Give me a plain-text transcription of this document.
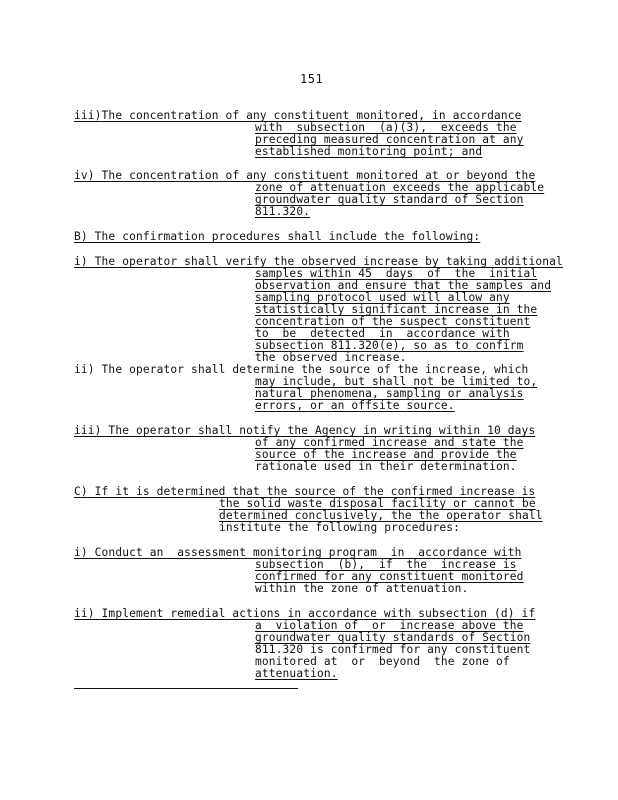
151
iii)The concentration of any constituent monitored, in accordance
with  subsection  (a)(3),  exceeds the
preceding measured concentration at any
established monitoring point; and
iv) The concentration of any constituent monitored at or beyond the
zone of attenuation exceeds the applicable
groundwater quality standard of Section
811.320.
B) The confirmation procedures shall include the following:
i) The operator shall verify the observed increase by taking additional
samples within 45  days  of  the  initial
observation and ensure that the samples and
sampling protocol used will allow any
statistically significant increase in the
concentration of the suspect constituent
to  be  detected  in  accordance with
subsection 811.320(e), so as to confirm
the observed increase.
ii) The operator shall determine the source of the increase, which
may include, but shall not be limited to,
natural phenomena, sampling or analysis
errors, or an offsite source.
iii) The operator shall notify the Agency in writing within 10 days
of any confirmed increase and state the
source of the increase and provide the
rationale used in their determination.
C) If it is determined that the source of the confirmed increase is
the solid waste disposal facility or cannot be
determined conclusively, the the operator shall
institute the following procedures:
i) Conduct an  assessment monitoring program  in  accordance with
subsection  (b),  if  the  increase is
confirmed for any constituent monitored
within the zone of attenuation.
ii) Implement remedial actions in accordance with subsection (d) if
a  violation of  or  increase above the
groundwater quality standards of Section
811.320 is confirmed for any constituent
monitored at  or  beyond  the zone of
attenuation.
